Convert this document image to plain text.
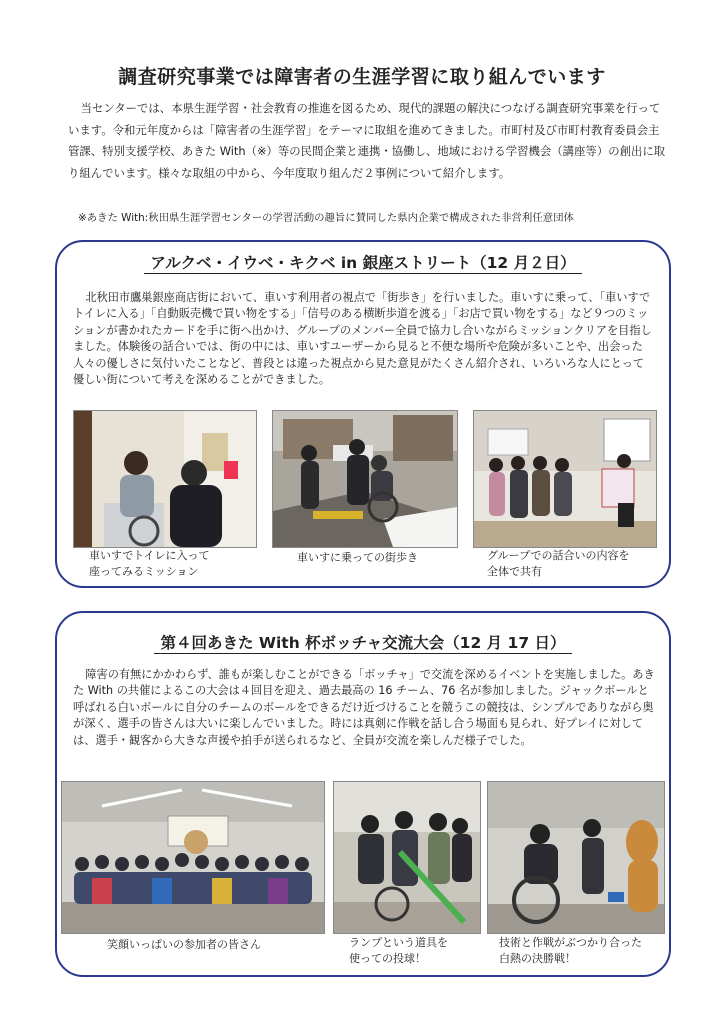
調査研究事業では障害者の生涯学習に取り組んでいます

当センターでは、本県生涯学習・社会教育の推進を図るため、現代的課題の解決につなげる調査研究事業を行っています。令和元年度からは「障害者の生涯学習」をテーマに取組を進めてきました。市町村及び市町村教育委員会主管課、特別支援学校、あきた With（※）等の民間企業と連携・協働し、地域における学習機会（講座等）の創出に取り組んでいます。様々な取組の中から、今年度取り組んだ２事例について紹介します。

※あきた With:秋田県生涯学習センターの学習活動の趣旨に賛同した県内企業で構成された非営利任意団体
アルクベ・イウベ・キクベ in 銀座ストリート（12 月２日）
北秋田市鷹巣銀座商店街において、車いす利用者の視点で「街歩き」を行いました。車いすに乗って、「車いすでトイレに入る」「自動販売機で買い物をする」「信号のある横断歩道を渡る」「お店で買い物をする」など９つのミッションが書かれたカードを手に街へ出かけ、グループのメンバー全員で協力し合いながらミッションクリアを目指しました。体験後の話合いでは、街の中には、車いすユーザーから見ると不便な場所や危険が多いことや、出会った人々の優しさに気付いたことなど、普段とは違った視点から見た意見がたくさん紹介され、いろいろな人にとって優しい街について考えを深めることができました。
車いすでトイレに入って
座ってみるミッション
車いすに乗っての街歩き	グループでの話合いの内容を
全体で共有
第４回あきた With 杯ボッチャ交流大会（12 月 17 日）
障害の有無にかかわらず、誰もが楽しむことができる「ボッチャ」で交流を深めるイベントを実施しました。あきた With の共催によるこの大会は４回目を迎え、過去最高の 16 チーム、76 名が参加しました。ジャックボールと呼ばれる白いボールに自分のチームのボールをできるだけ近づけることを競うこの競技は、シンプルでありながら奥が深く、選手の皆さんは大いに楽しんでいました。時には真剣に作戦を話し合う場面も見られ、好プレイに対しては、選手・観客から大きな声援や拍手が送られるなど、全員が交流を楽しんだ様子でした。
笑顔いっぱいの参加者の皆さん	ランプという道具を
使っての投球！
技術と作戦がぶつかり合った
白熱の決勝戦！
